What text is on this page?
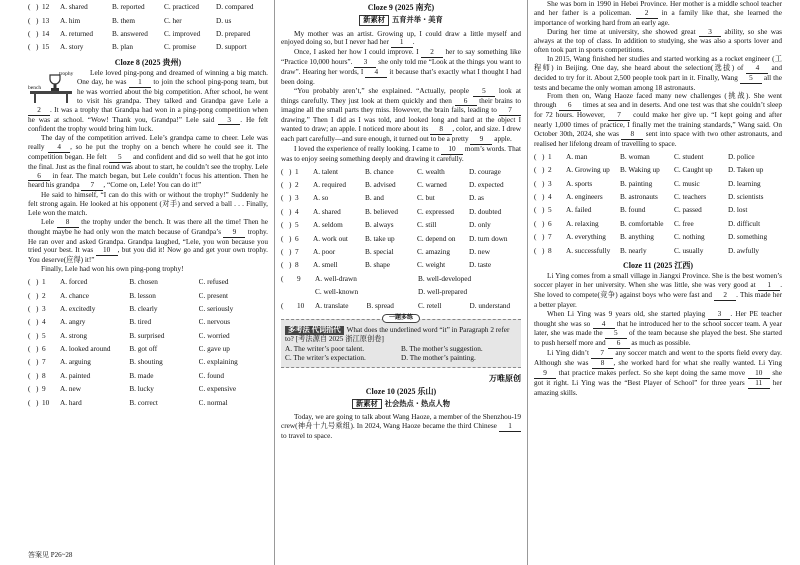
( ) 12	A. shared	B. reported	C. practiced	D. compared
( ) 13	A. him	B. them	C. her	D. us
( ) 14	A. returned	B. answered	C. improved	D. prepared
( ) 15	A. story	B. plan	C. promise	D. support
Cloze 8 (2025 贵州)
bench
trophy	Lele loved ping-pong and dreamed of winning a big match. One day, he was 1 to join the school ping-pong team, but he was worried about the big competition. After school, he went to visit his grandpa. They talked and Grandpa gave Lele a 2 . It was a trophy that Grandpa had won in a ping-pong competition when he was at school. “Wow! Thank you, Grandpa!” Lele said 3 . He felt confident the trophy would bring him luck.

The day of the competition arrived. Lele’s grandpa came to cheer. Lele was really 4 , so he put the trophy on a bench where he could see it. The competition began. He felt 5 and confident and did so well that he got into the final. Just as the final round was about to start, he couldn’t see the trophy. Lele 6 in fear. The match began, but Lele couldn’t focus his attention. Then he heard his grandpa 7 , “Come on, Lele! You can do it!”

He said to himself, “I can do this with or without the trophy!” Suddenly he felt strong again. He looked at his opponent (对手) and served a ball . . . Finally, Lele won the match.

Lele 8 the trophy under the bench. It was there all the time! Then he thought maybe he had only won the match because of Grandpa’s 9 trophy. He ran over and asked Grandpa. Grandpa laughed, “Lele, you won because you tried your best. It was 10 , but you did it! Now go and get your own trophy. You deserve(应得) it!”

Finally, Lele had won his own ping-pong trophy!

( ) 1	A. forced	B. chosen	C. refused
( ) 2	A. chance	B. lesson	C. present
( ) 3	A. excitedly	B. clearly	C. seriously
( ) 4	A. angry	B. tired	C. nervous
( ) 5	A. strong	B. surprised	C. worried
( ) 6	A. looked around	B. got off	C. gave up
( ) 7	A. arguing	B. shouting	C. explaining
( ) 8	A. painted	B. made	C. found
( ) 9	A. new	B. lucky	C. expensive
( ) 10	A. hard	B. correct	C. normal
答案见 P26~28
Cloze 9 (2025 南充)
新素材 五育并举・美育

My mother was an artist. Growing up, I could draw a little myself and enjoyed doing so, but I never had her 1 .

Once, I asked her how I could improve. I 2 her to say something like “Practice 10,000 hours”. 3 she only told me “Look at the things you want to draw”. Hearing her words, I 4 it because that’s exactly what I thought I had been doing.

“You probably aren’t,” she explained. “Actually, people 5 look at things carefully. They just look at them quickly and then 6 their brains to imagine all the small parts they miss. However, the brain fails, leading to 7 drawing.” Then I did as I was told, and looked long and hard at the object I wanted to draw; an apple. I noticed more about its 8 , color, and size. I drew each part carefully—and sure enough, it turned out to be a pretty 9 apple.

I loved the experience of really looking. I came to 10 mom’s words. That was to enjoy seeing something deeply and drawing it carefully.

( ) 1	A. talent	B. chance	C. wealth	D. courage
( ) 2	A. required	B. advised	C. warned	D. expected
( ) 3	A. so	B. and	C. but	D. as
( ) 4	A. shared	B. believed	C. expressed	D. doubted
( ) 5	A. seldom	B. always	C. still	D. only
( ) 6	A. work out	B. take up	C. depend on	D. turn down
( ) 7	A. poor	B. special	C. amazing	D. new
( ) 8	A. smell	B. shape	C. weight	D. taste
(	9	A. well-drawn	B. well-developed
C. well-known	D. well-prepared
(	10	A. translate	B. spread	C. retell	D. understand
一题多练
多考法 代词指代 What does the underlined word “it” in Paragraph 2 refer to? [考法源自 2025 浙江原创卷]
A. The writer’s poor talent.	B. The mother’s suggestion.
C. The writer’s expectation.	D. The mother’s painting.
万唯原创
Cloze 10 (2025 乐山)
新素材 社会热点・热点人物

Today, we are going to talk about Wang Haoze, a member of the Shenzhou-19 crew(神舟十九号乘组). In 2024, Wang Haoze became the third Chinese 1 to travel to space.

She was born in 1990 in Hebei Province. Her mother is a middle school teacher and her father is a policeman. 2 in a family like that, she learned the importance of working hard from an early age.

During her time at university, she showed great 3 ability, so she was always at the top of class. In addition to studying, she was also a sports lover and often took part in sports competitions.

In 2015, Wang finished her studies and started working as a rocket engineer (工程师) in Beijing. One day, she heard about the selection(选拔) of 4 and decided to try for it. About 2,500 people took part in it. Finally, Wang 5 all the tests and became the only woman among 18 astronauts.

From then on, Wang Haoze faced many new challenges (挑战). She went through 6 times at sea and in deserts. And one test was that she couldn’t sleep for 72 hours. However, 7 could make her give up. “I kept going and after nearly 1,000 times of practice, I finally met the training standards,” Wang said. On October 30th, 2024, she was 8 sent into space with two other astronauts, and realised her lifelong dream of travelling to space.

( ) 1	A. man	B. woman	C. student	D. police
( ) 2	A. Growing up	B. Waking up	C. Caught up	D. Taken up
( ) 3	A. sports	B. painting	C. music	D. learning
( ) 4	A. engineers	B. astronauts	C. teachers	D. scientists
( ) 5	A. failed	B. found	C. passed	D. lost
( ) 6	A. relaxing	B. comfortable	C. free	D. difficult
( ) 7	A. everything	B. anything	C. nothing	D. something
( ) 8	A. successfully	B. nearly	C. usually	D. awfully
Cloze 11 (2025 江西)

Li Ying comes from a small village in Jiangxi Province. She is the best women’s soccer player in her university. When she was little, she was very good at 1 . She loved to compete(竞争) against boys who were fast and 2 . This made her a better player.

When Li Ying was 9 years old, she started playing 3 . Her PE teacher thought she was so 4 that he introduced her to the school soccer team. A year later, she was made the 5 of the team because she played the best. She started to push herself more and 6 as much as possible.

Li Ying didn’t 7 any soccer match and went to the sports field every day. Although she was 8 , she worked hard for what she really wanted. Li Ying 9 that practice makes perfect. So she kept doing the same move 10 she got it right. Li Ying was the “Best Player of School” for three years 11 her amazing skills.
